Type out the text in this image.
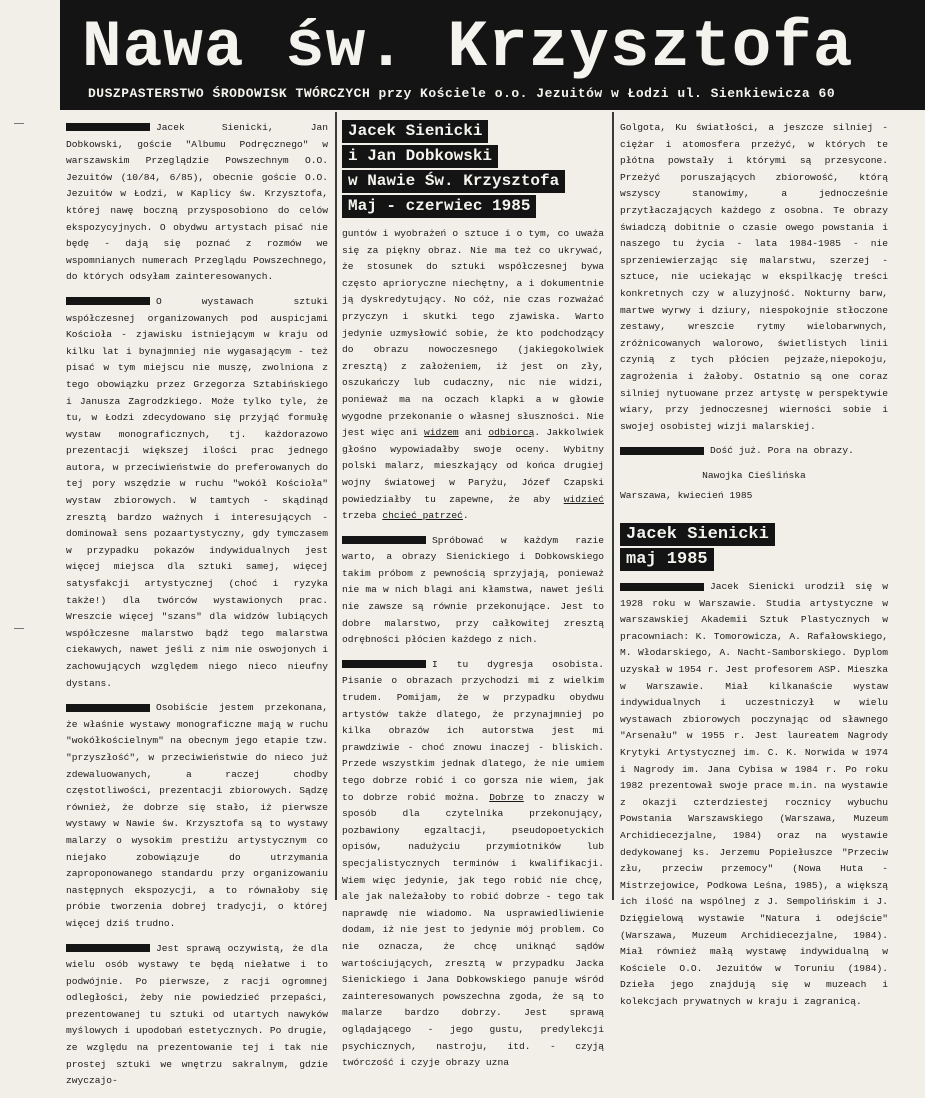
Nawa św. Krzysztofa
DUSZPASTERSTWO ŚRODOWISK TWÓRCZYCH przy Kościele o.o. Jezuitów w Łodzi ul. Sienkiewicza 60

Jacek Sienicki, Jan Dobkowski, goście "Albumu Podręcznego" w warszawskim Przeglądzie Powszechnym O.O. Jezuitów (10/84, 6/85), obecnie goście O.O. Jezuitów w Łodzi, w Kaplicy św. Krzysztofa, której nawę boczną przysposobiono do celów ekspozycyjnych. O obydwu artystach pisać nie będę - dają się poznać z rozmów we wspomnianych numerach Przeglądu Powszechnego, do których odsyłam zainteresowanych.

O wystawach sztuki współczesnej organizowanych pod auspicjami Kościoła - zjawisku istniejącym w kraju od kilku lat i bynajmniej nie wygasającym - też pisać w tym miejscu nie muszę, zwolniona z tego obowiązku przez Grzegorza Sztabińskiego i Janusza Zagrodzkiego. Może tylko tyle, że tu, w Łodzi zdecydowano się przyjąć formułę wystaw monograficznych, tj. każdorazowo prezentacji większej ilości prac jednego autora, w przeciwieństwie do preferowanych do tej pory wszędzie w ruchu "wokół Kościoła" wystaw zbiorowych. W tamtych - skądinąd zresztą bardzo ważnych i interesujących - dominował sens pozaartystyczny, gdy tymczasem w przypadku pokazów indywidualnych jest więcej miejsca dla sztuki samej, więcej satysfakcji artystycznej (choć i ryzyka także!) dla twórców wystawionych prac. Wreszcie więcej "szans" dla widzów lubiących współczesne malarstwo bądź tego malarstwa ciekawych, nawet jeśli z nim nie oswojonych i zachowujących względem niego nieco nieufny dystans.

Osobiście jestem przekonana, że właśnie wystawy monograficzne mają w ruchu "wokółkościelnym" na obecnym jego etapie tzw. "przyszłość", w przeciwieństwie do nieco już zdewaluowanych, a raczej chodby częstotliwości, prezentacji zbiorowych. Sądzę również, że dobrze się stało, iż pierwsze wystawy w Nawie św. Krzysztofa są to wystawy malarzy o wysokim prestiżu artystycznym co niejako zobowiązuje do utrzymania zaproponowanego standardu przy organizowaniu następnych ekspozycji, a to równałoby się próbie tworzenia dobrej tradycji, o której więcej dziś trudno.

Jest sprawą oczywistą, że dla wielu osób wystawy te będą niełatwe i to podwójnie. Po pierwsze, z racji ogromnej odległości, żeby nie powiedzieć przepaści, prezentowanej tu sztuki od utartych nawyków myślowych i upodobań estetycznych. Po drugie, ze względu na prezentowanie tej i tak nie prostej sztuki we wnętrzu sakralnym, gdzie zwyczajo-

Jacek Sienicki
i Jan Dobkowski
w Nawie Św. Krzysztofa
Maj - czerwiec 1985

guntów i wyobrażeń o sztuce i o tym, co uważa się za piękny obraz. Nie ma też co ukrywać, że stosunek do sztuki współczesnej bywa często aprioryczne niechętny, a i dokumentnie ją dyskredytujący. No cóż, nie czas rozważać przyczyn i skutki tego zjawiska. Warto jedynie uzmysłowić sobie, że kto podchodzący do obrazu nowoczesnego (jakiegokolwiek zresztą) z założeniem, iż jest on zły, oszukańczy lub cudaczny, nic nie widzi, ponieważ ma na oczach klapki a w głowie wygodne przekonanie o własnej słuszności. Nie jest więc ani widzem ani odbiorcą. Jakkolwiek głośno wypowiadałby swoje oceny. Wybitny polski malarz, mieszkający od końca drugiej wojny światowej w Paryżu, Józef Czapski powiedziałby tu zapewne, że aby widzieć trzeba chcieć patrzeć.

Spróbować w każdym razie warto, a obrazy Sienickiego i Dobkowskiego takim próbom z pewnością sprzyjają, ponieważ nie ma w nich blagi ani kłamstwa, nawet jeśli nie zawsze są równie przekonujące. Jest to dobre malarstwo, przy całkowitej zresztą odrębności płócien każdego z nich.

I tu dygresja osobista. Pisanie o obrazach przychodzi mi z wielkim trudem. Pomijam, że w przypadku obydwu artystów także dlatego, że przynajmniej po kilka obrazów ich autorstwa jest mi prawdziwie - choć znowu inaczej - bliskich. Przede wszystkim jednak dlatego, że nie umiem tego dobrze robić i co gorsza nie wiem, jak to dobrze robić można. Dobrze to znaczy w sposób dla czytelnika przekonujący, pozbawiony egzaltacji, pseudopoetyckich opisów, nadużyciu przymiotników lub specjalistycznych terminów i kwalifikacji. Wiem więc jedynie, jak tego robić nie chcę, ale jak należałoby to robić dobrze - tego tak naprawdę nie wiadomo. Na usprawiedliwienie dodam, iż nie jest to jedynie mój problem. Co nie oznacza, że chcę uniknąć sądów wartościujących, zresztą w przypadku Jacka Sienickiego i Jana Dobkowskiego panuje wśród zainteresowanych powszechna zgoda, że są to malarze bardzo dobrzy. Jest sprawą oglądającego - jego gustu, predylekcji psychicznych, nastroju, itd. - czyją twórczość i czyje obrazy uzna

Golgota, Ku światłości, a jeszcze silniej - ciężar i atomosfera przeżyć, w których te płótna powstały i którymi są przesycone. Przeżyć poruszających zbiorowość, którą wszyscy stanowimy, a jednocześnie przytłaczających każdego z osobna. Te obrazy świadczą dobitnie o czasie owego powstania i naszego tu życia - lata 1984-1985 - nie sprzeniewierzając się malarstwu, szerzej - sztuce, nie uciekając w ekspilkację treści konkretnych czy w aluzyjność. Nokturny barw, martwe wyrwy i dziury, niespokojnie stłoczone zestawy, wreszcie rytmy wielobarwnych, zróżnicowanych walorowo, świetlistych linii czynią z tych płócien pejzaże,niepokoju, zagrożenia i żałoby. Ostatnio są one coraz silniej nytuowane przez artystę w perspektywie wiary, przy jednoczesnej wierności sobie i swojej osobistej wizji malarskiej.

Dość już. Pora na obrazy.

Nawojka Cieślińska
Warszawa, kwiecień 1985
Jacek Sienicki
maj 1985

Jacek Sienicki urodził się w 1928 roku w Warszawie. Studia artystyczne w warszawskiej Akademii Sztuk Plastycznych w pracowniach: K. Tomorowicza, A. Rafałowskiego, M. Włodarskiego, A. Nacht-Samborskiego. Dyplom uzyskał w 1954 r. Jest profesorem ASP. Mieszka w Warszawie. Miał kilkanaście wystaw indywidualnych i uczestniczył w wielu wystawach zbiorowych poczynając od sławnego "Arsenału" w 1955 r. Jest laureatem Nagrody Krytyki Artystycznej im. C. K. Norwida w 1974 i Nagrody im. Jana Cybisa w 1984 r. Po roku 1982 prezentował swoje prace m.in. na wystawie z okazji czterdziestej rocznicy wybuchu Powstania Warszawskiego (Warszawa, Muzeum Archidiecezjalne, 1984) oraz na wystawie dedykowanej ks. Jerzemu Popiełuszce "Przeciw złu, przeciw przemocy" (Nowa Huta - Mistrzejowice, Podkowa Leśna, 1985), a większą ich ilość na wspólnej z J. Sempolińskim i J. Dzięgielową wystawie "Natura i odejście" (Warszawa, Muzeum Archidiecezjalne, 1984). Miał również małą wystawę indywidualną w Kościele O.O. Jezuitów w Toruniu (1984). Dzieła jego znajdują się w muzeach i kolekcjach prywatnych w kraju i zagranicą.
